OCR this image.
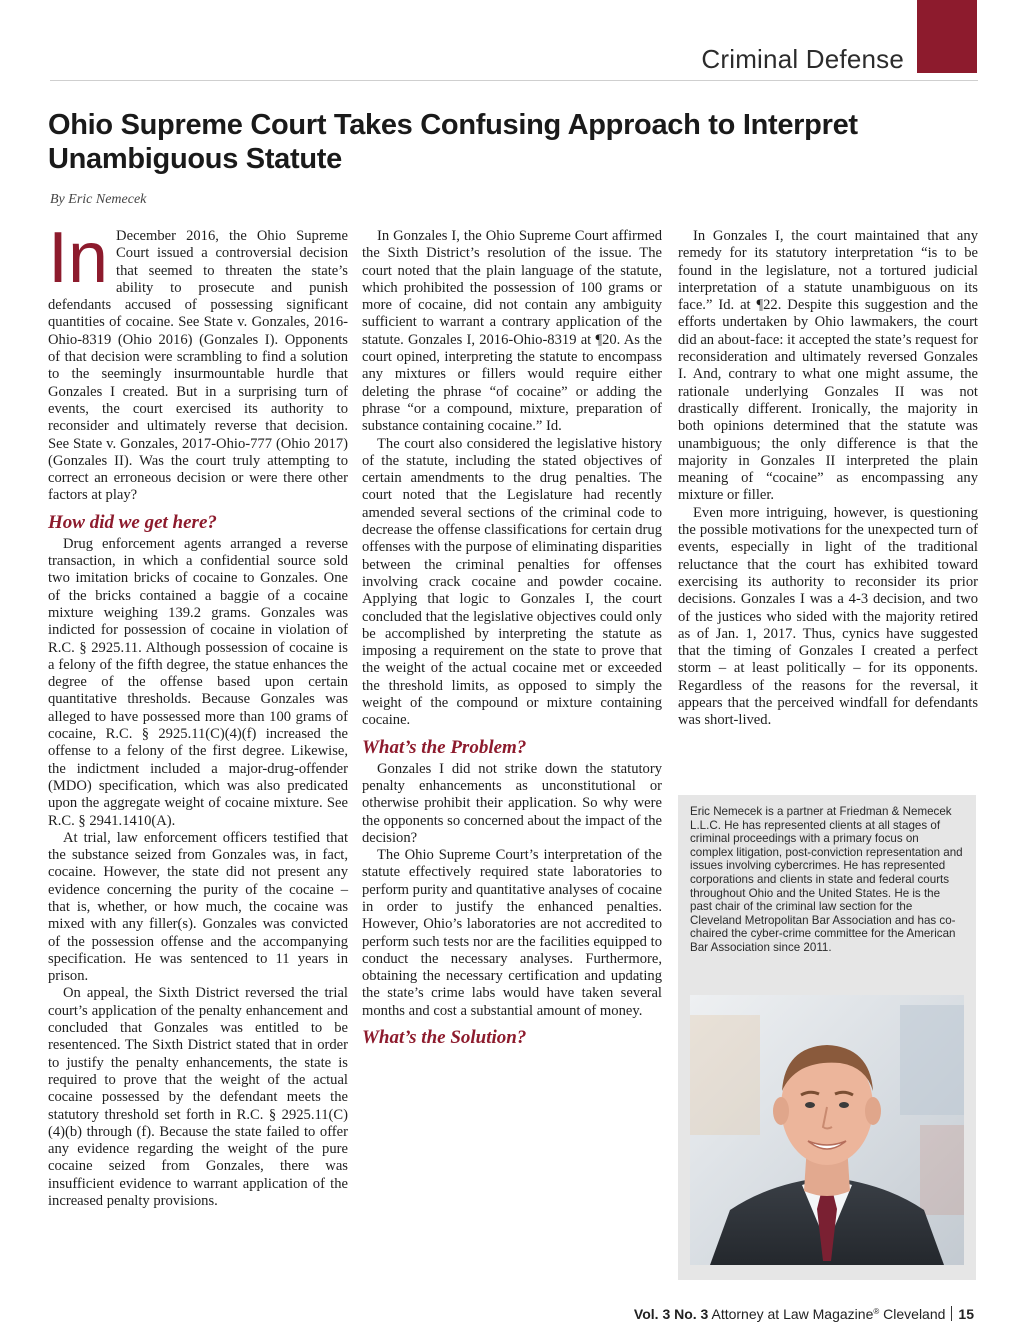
Criminal Defense
Ohio Supreme Court Takes Confusing Approach to Interpret Unambiguous Statute
By Eric Nemecek

In December 2016, the Ohio Supreme Court issued a controversial decision that seemed to threaten the state’s ability to prosecute and punish defendants accused of possessing significant quantities of cocaine. See State v. Gonzales, 2016-Ohio-8319 (Ohio 2016) (Gonzales I). Opponents of that decision were scrambling to find a solution to the seemingly insurmountable hurdle that Gonzales I created. But in a surprising turn of events, the court exercised its authority to reconsider and ultimately reverse that decision. See State v. Gonzales, 2017-Ohio-777 (Ohio 2017) (Gonzales II). Was the court truly attempting to correct an erroneous decision or were there other factors at play?

How did we get here?

Drug enforcement agents arranged a reverse transaction, in which a confidential source sold two imitation bricks of cocaine to Gonzales. One of the bricks contained a baggie of a cocaine mixture weighing 139.2 grams. Gonzales was indicted for possession of cocaine in violation of R.C. § 2925.11. Although possession of cocaine is a felony of the fifth degree, the statue enhances the degree of the offense based upon certain quantitative thresholds. Because Gonzales was alleged to have possessed more than 100 grams of cocaine, R.C. § 2925.11(C)(4)(f) increased the offense to a felony of the first degree. Likewise, the indictment included a major-drug-offender (MDO) specification, which was also predicated upon the aggregate weight of cocaine mixture. See R.C. § 2941.1410(A).

At trial, law enforcement officers testified that the substance seized from Gonzales was, in fact, cocaine. However, the state did not present any evidence concerning the purity of the cocaine – that is, whether, or how much, the cocaine was mixed with any filler(s). Gonzales was convicted of the possession offense and the accompanying specification. He was sentenced to 11 years in prison.

On appeal, the Sixth District reversed the trial court’s application of the penalty enhancement and concluded that Gonzales was entitled to be resentenced. The Sixth District stated that in order to justify the penalty enhancements, the state is required to prove that the weight of the actual cocaine possessed by the defendant meets the statutory threshold set forth in R.C. § 2925.11(C)(4)(b) through (f). Because the state failed to offer any evidence regarding the weight of the pure cocaine seized from Gonzales, there was insufficient evidence to warrant application of the increased penalty provisions.

In Gonzales I, the Ohio Supreme Court affirmed the Sixth District’s resolution of the issue. The court noted that the plain language of the statute, which prohibited the possession of 100 grams or more of cocaine, did not contain any ambiguity sufficient to warrant a contrary application of the statute. Gonzales I, 2016-Ohio-8319 at ¶20. As the court opined, interpreting the statute to encompass any mixtures or fillers would require either deleting the phrase “of cocaine” or adding the phrase “or a compound, mixture, preparation of substance containing cocaine.” Id.

The court also considered the legislative history of the statute, including the stated objectives of certain amendments to the drug penalties. The court noted that the Legislature had recently amended several sections of the criminal code to decrease the offense classifications for certain drug offenses with the purpose of eliminating disparities between the criminal penalties for offenses involving crack cocaine and powder cocaine. Applying that logic to Gonzales I, the court concluded that the legislative objectives could only be accomplished by interpreting the statute as imposing a requirement on the state to prove that the weight of the actual cocaine met or exceeded the threshold limits, as opposed to simply the weight of the compound or mixture containing cocaine.

What’s the Problem?

Gonzales I did not strike down the statutory penalty enhancements as unconstitutional or otherwise prohibit their application. So why were the opponents so concerned about the impact of the decision?

The Ohio Supreme Court’s interpretation of the statute effectively required state laboratories to perform purity and quantitative analyses of cocaine in order to justify the enhanced penalties. However, Ohio’s laboratories are not accredited to perform such tests nor are the facilities equipped to conduct the necessary analyses. Furthermore, obtaining the necessary certification and updating the state’s crime labs would have taken several months and cost a substantial amount of money.

What’s the Solution?

In Gonzales I, the court maintained that any remedy for its statutory interpretation “is to be found in the legislature, not a tortured judicial interpretation of a statute unambiguous on its face.” Id. at ¶22. Despite this suggestion and the efforts undertaken by Ohio lawmakers, the court did an about-face: it accepted the state’s request for reconsideration and ultimately reversed Gonzales I. And, contrary to what one might assume, the rationale underlying Gonzales II was not drastically different. Ironically, the majority in both opinions determined that the statute was unambiguous; the only difference is that the majority in Gonzales II interpreted the plain meaning of “cocaine” as encompassing any mixture or filler.

Even more intriguing, however, is questioning the possible motivations for the unexpected turn of events, especially in light of the traditional reluctance that the court has exhibited toward exercising its authority to reconsider its prior decisions. Gonzales I was a 4-3 decision, and two of the justices who sided with the majority retired as of Jan. 1, 2017. Thus, cynics have suggested that the timing of Gonzales I created a perfect storm – at least politically – for its opponents. Regardless of the reasons for the reversal, it appears that the perceived windfall for defendants was short-lived.

Eric Nemecek is a partner at Friedman & Nemecek L.L.C. He has represented clients at all stages of criminal proceedings with a primary focus on complex litigation, post-conviction representation and issues involving cybercrimes. He has represented corporations and clients in state and federal courts throughout Ohio and the United States. He is the past chair of the criminal law section for the Cleveland Metropolitan Bar Association and has co-chaired the cyber-crime committee for the American Bar Association since 2011.
Vol. 3 No. 3 Attorney at Law Magazine® Cleveland 15
